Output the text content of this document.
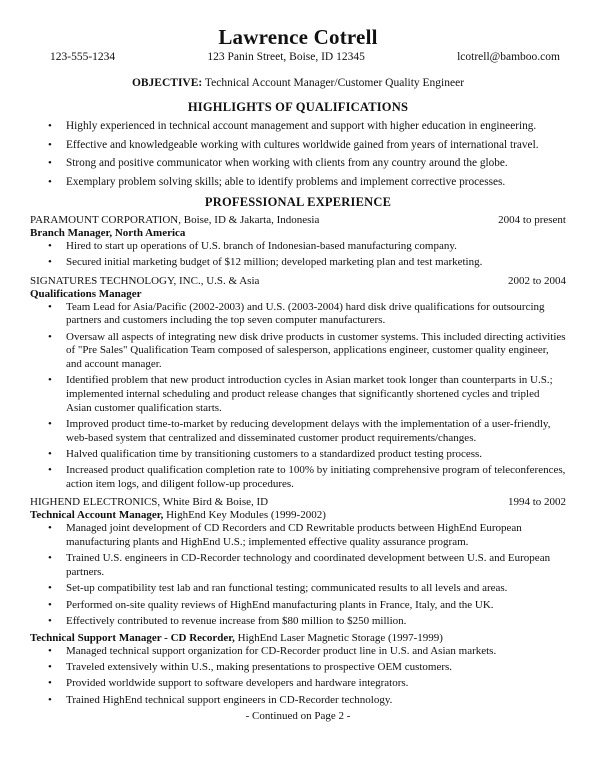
Lawrence Cotrell
123-555-1234	123 Panin Street, Boise, ID 12345	lcotrell@bamboo.com
OBJECTIVE: Technical Account Manager/Customer Quality Engineer
HIGHLIGHTS OF QUALIFICATIONS
• Highly experienced in technical account management and support with higher education in engineering.
• Effective and knowledgeable working with cultures worldwide gained from years of international travel.
• Strong and positive communicator when working with clients from any country around the globe.
• Exemplary problem solving skills; able to identify problems and implement corrective processes.
PROFESSIONAL EXPERIENCE
PARAMOUNT CORPORATION, Boise, ID & Jakarta, Indonesia	2004 to present
Branch Manager, North America
• Hired to start up operations of U.S. branch of Indonesian-based manufacturing company.
• Secured initial marketing budget of $12 million; developed marketing plan and test marketing.
SIGNATURES TECHNOLOGY, INC., U.S. & Asia	2002 to 2004
Qualifications Manager
• Team Lead for Asia/Pacific (2002-2003) and U.S. (2003-2004) hard disk drive qualifications for outsourcing partners and customers including the top seven computer manufacturers.
• Oversaw all aspects of integrating new disk drive products in customer systems. This included directing activities of "Pre Sales" Qualification Team composed of salesperson, applications engineer, customer quality engineer, and account manager.
• Identified problem that new product introduction cycles in Asian market took longer than counterparts in U.S.; implemented internal scheduling and product release changes that significantly shortened cycles and tripled Asian customer qualification starts.
• Improved product time-to-market by reducing development delays with the implementation of a user-friendly, web-based system that centralized and disseminated customer product requirements/changes.
• Halved qualification time by transitioning customers to a standardized product testing process.
• Increased product qualification completion rate to 100% by initiating comprehensive program of teleconferences, action item logs, and diligent follow-up procedures.
HIGHEND ELECTRONICS, White Bird & Boise, ID	1994 to 2002
Technical Account Manager, HighEnd Key Modules (1999-2002)
• Managed joint development of CD Recorders and CD Rewritable products between HighEnd European manufacturing plants and HighEnd U.S.; implemented effective quality assurance program.
• Trained U.S. engineers in CD-Recorder technology and coordinated development between U.S. and European partners.
• Set-up compatibility test lab and ran functional testing; communicated results to all levels and areas.
• Performed on-site quality reviews of HighEnd manufacturing plants in France, Italy, and the UK.
• Effectively contributed to revenue increase from $80 million to $250 million.
Technical Support Manager - CD Recorder, HighEnd Laser Magnetic Storage (1997-1999)
• Managed technical support organization for CD-Recorder product line in U.S. and Asian markets.
• Traveled extensively within U.S., making presentations to prospective OEM customers.
• Provided worldwide support to software developers and hardware integrators.
• Trained HighEnd technical support engineers in CD-Recorder technology.
- Continued on Page 2 -
